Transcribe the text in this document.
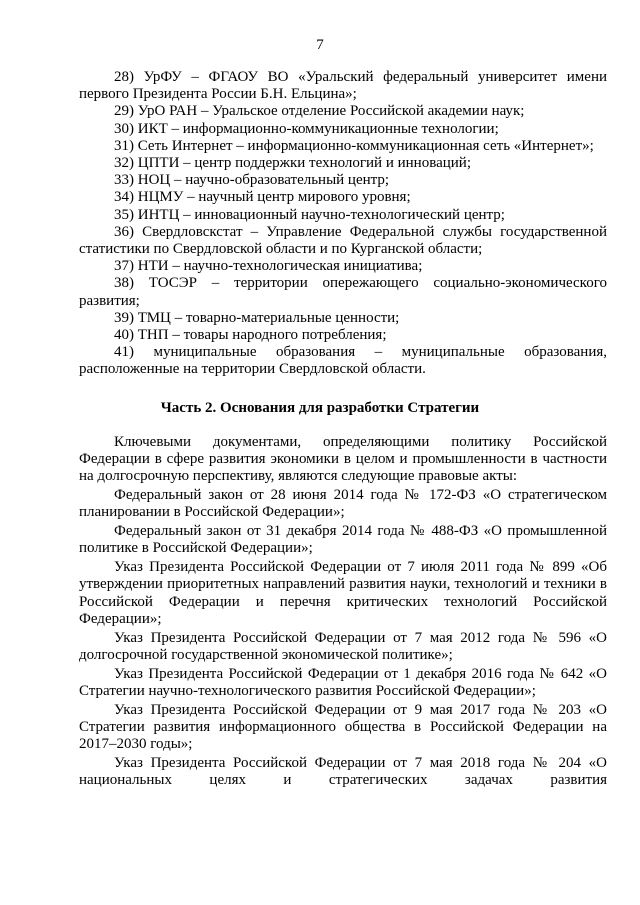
7

28) УрФУ – ФГАОУ ВО «Уральский федеральный университет имени первого Президента России Б.Н. Ельцина»;

29) УрО РАН – Уральское отделение Российской академии наук;

30) ИКТ – информационно-коммуникационные технологии;

31) Сеть Интернет – информационно-коммуникационная сеть «Интернет»;

32) ЦПТИ – центр поддержки технологий и инноваций;

33) НОЦ – научно-образовательный центр;

34) НЦМУ – научный центр мирового уровня;

35) ИНТЦ – инновационный научно-технологический центр;

36) Свердловскстат – Управление Федеральной службы государственной статистики по Свердловской области и по Курганской области;

37) НТИ – научно-технологическая инициатива;

38) ТОСЭР – территории опережающего социально-экономического развития;

39) ТМЦ – товарно-материальные ценности;

40) ТНП – товары народного потребления;

41) муниципальные образования – муниципальные образования, расположенные на территории Свердловской области.

Часть 2. Основания для разработки Стратегии

Ключевыми документами, определяющими политику Российской Федерации в сфере развития экономики в целом и промышленности в частности на долгосрочную перспективу, являются следующие правовые акты:

Федеральный закон от 28 июня 2014 года № 172-ФЗ «О стратегическом планировании в Российской Федерации»;

Федеральный закон от 31 декабря 2014 года № 488-ФЗ «О промышленной политике в Российской Федерации»;

Указ Президента Российской Федерации от 7 июля 2011 года № 899 «Об утверждении приоритетных направлений развития науки, технологий и техники в Российской Федерации и перечня критических технологий Российской Федерации»;

Указ Президента Российской Федерации от 7 мая 2012 года № 596 «О долгосрочной государственной экономической политике»;

Указ Президента Российской Федерации от 1 декабря 2016 года № 642 «О Стратегии научно-технологического развития Российской Федерации»;

Указ Президента Российской Федерации от 9 мая 2017 года № 203 «О Стратегии развития информационного общества в Российской Федерации на 2017–2030 годы»;

Указ Президента Российской Федерации от 7 мая 2018 года № 204 «О национальных целях и стратегических задачах развития
